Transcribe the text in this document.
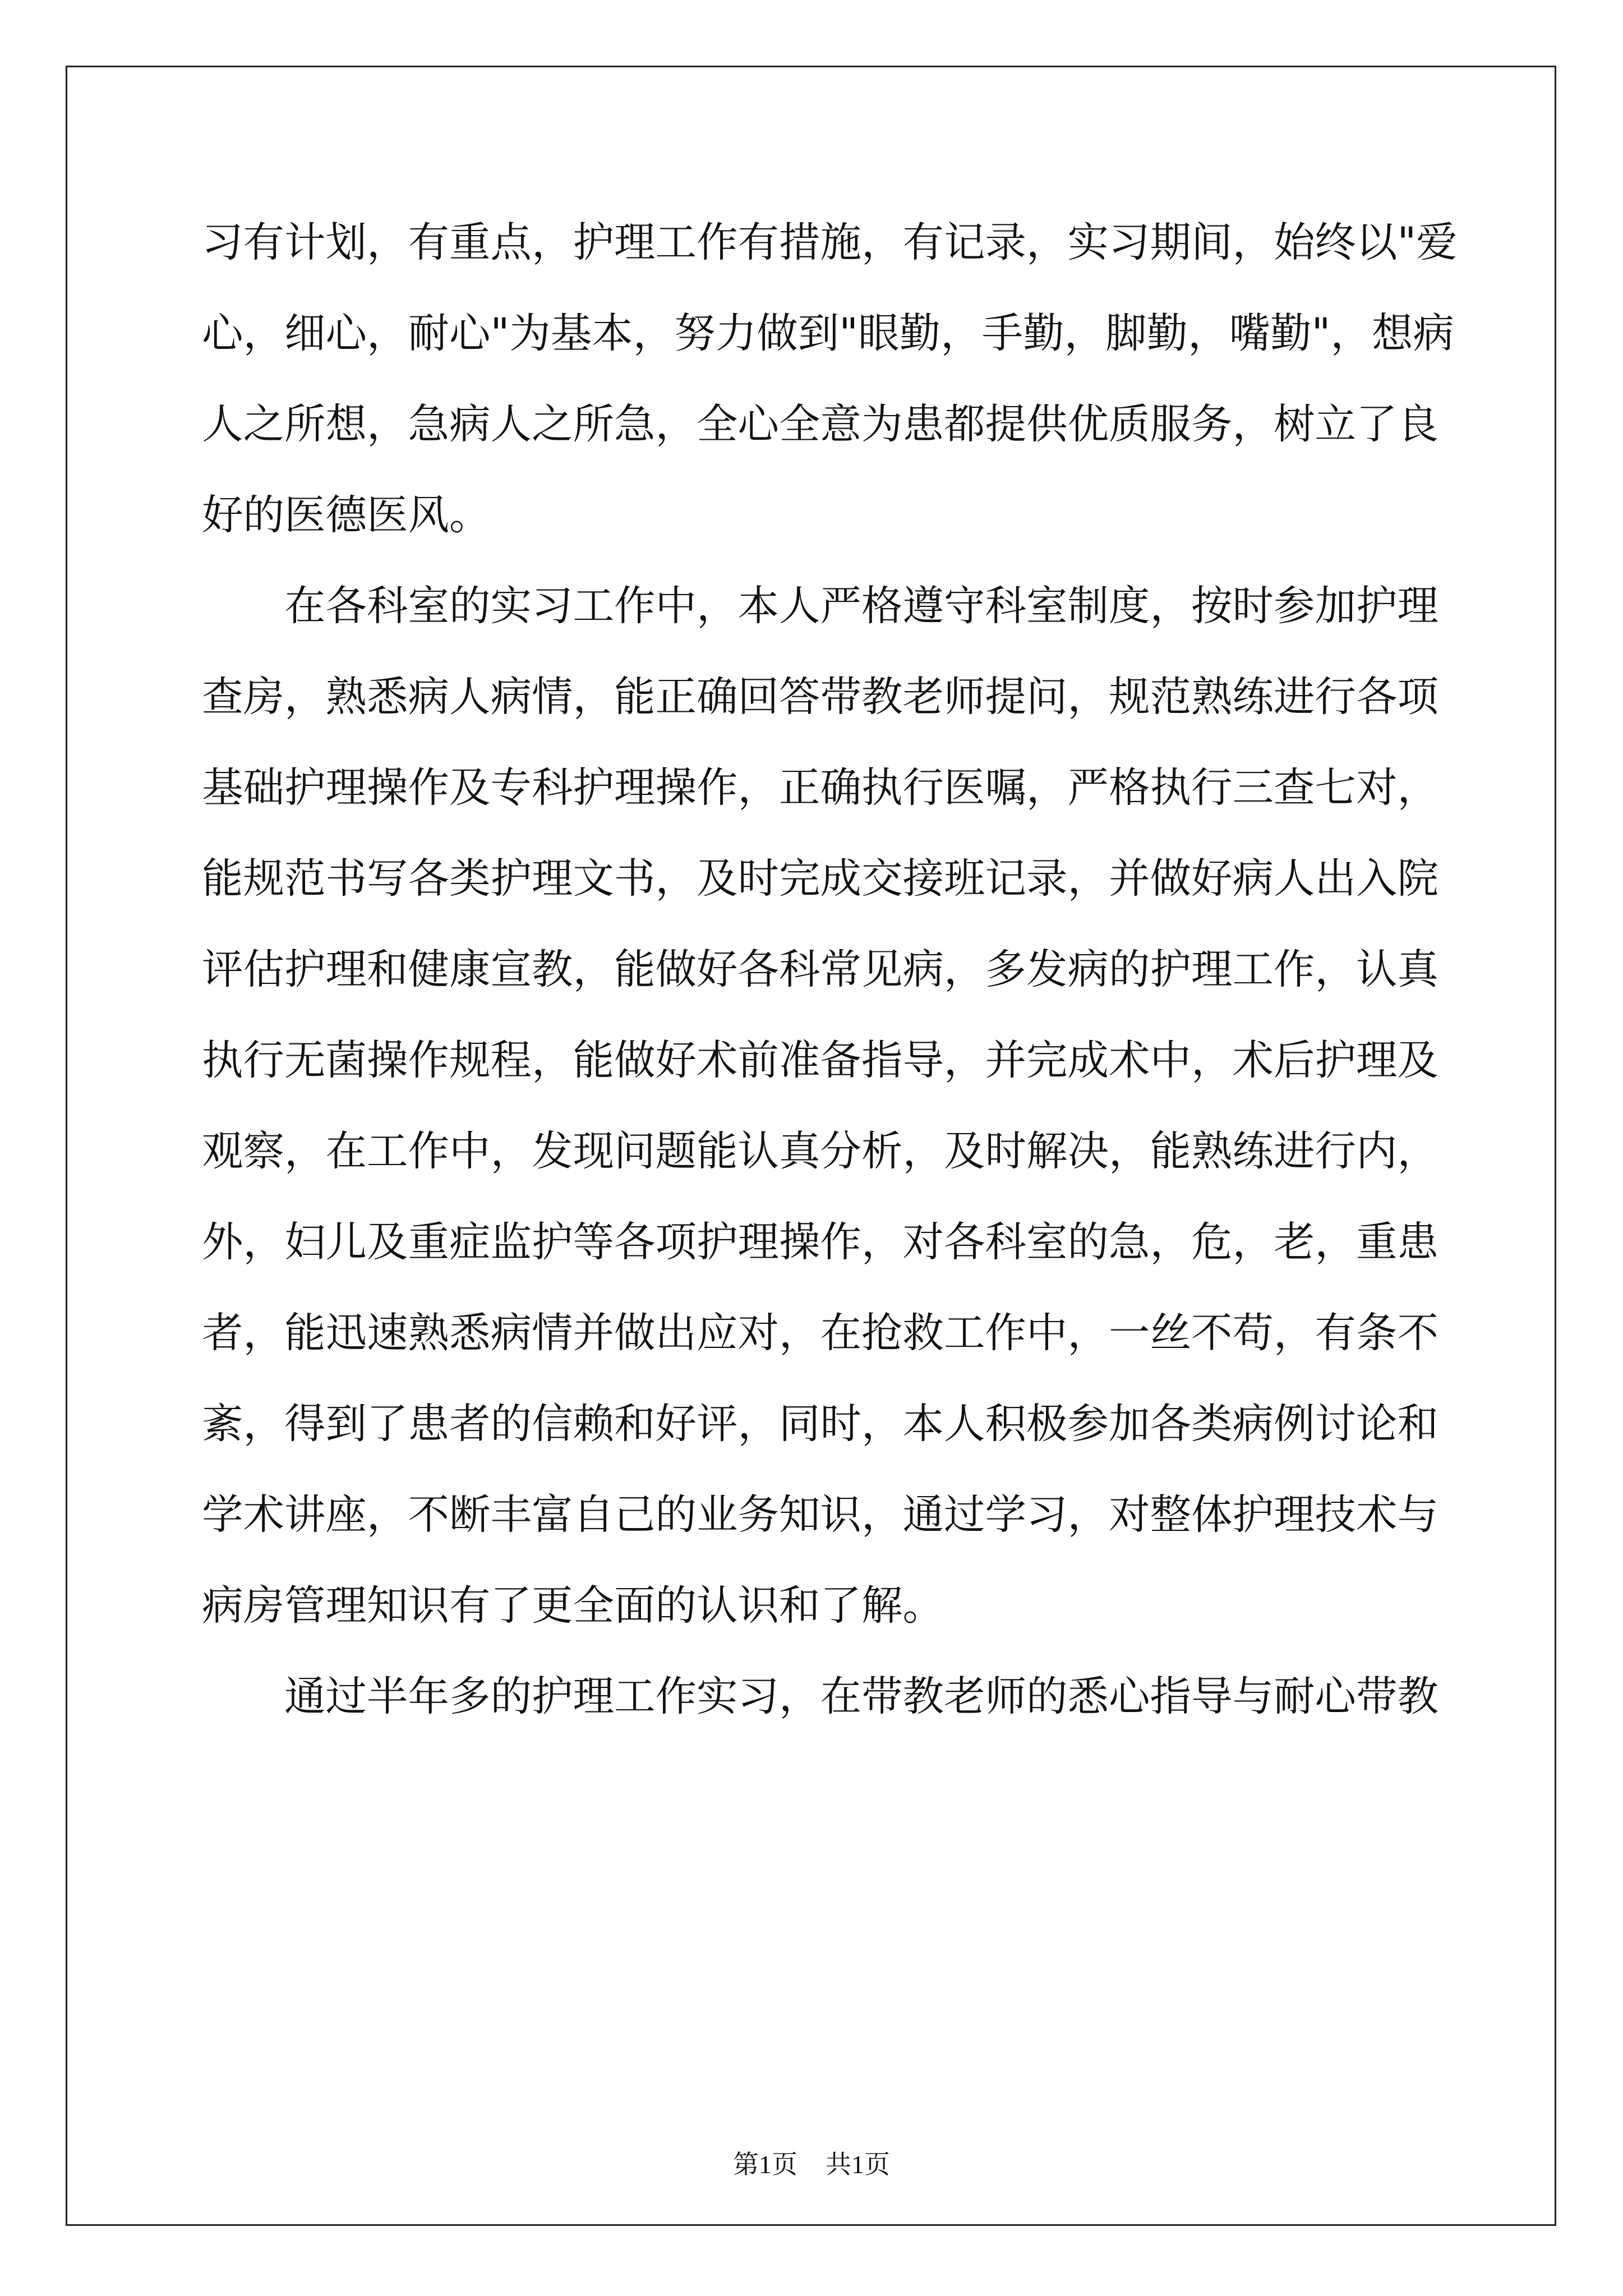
习有计划，有重点，护理工作有措施，有记录，实习期间，始终以"爱

心，细心，耐心"为基本，努力做到"眼勤，手勤，脚勤，嘴勤"，想病

人之所想，急病人之所急，全心全意为患都提供优质服务，树立了良

好的医德医风。

　　在各科室的实习工作中，本人严格遵守科室制度，按时参加护理

查房，熟悉病人病情，能正确回答带教老师提问，规范熟练进行各项

基础护理操作及专科护理操作，正确执行医嘱，严格执行三查七对，

能规范书写各类护理文书，及时完成交接班记录，并做好病人出入院

评估护理和健康宣教，能做好各科常见病，多发病的护理工作，认真

执行无菌操作规程，能做好术前准备指导，并完成术中，术后护理及

观察，在工作中，发现问题能认真分析，及时解决，能熟练进行内，

外，妇儿及重症监护等各项护理操作，对各科室的急，危，老，重患

者，能迅速熟悉病情并做出应对，在抢救工作中，一丝不苟，有条不

紊，得到了患者的信赖和好评，同时，本人积极参加各类病例讨论和

学术讲座，不断丰富自己的业务知识，通过学习，对整体护理技术与

病房管理知识有了更全面的认识和了解。

　　通过半年多的护理工作实习，在带教老师的悉心指导与耐心带教

第1页 共1页
